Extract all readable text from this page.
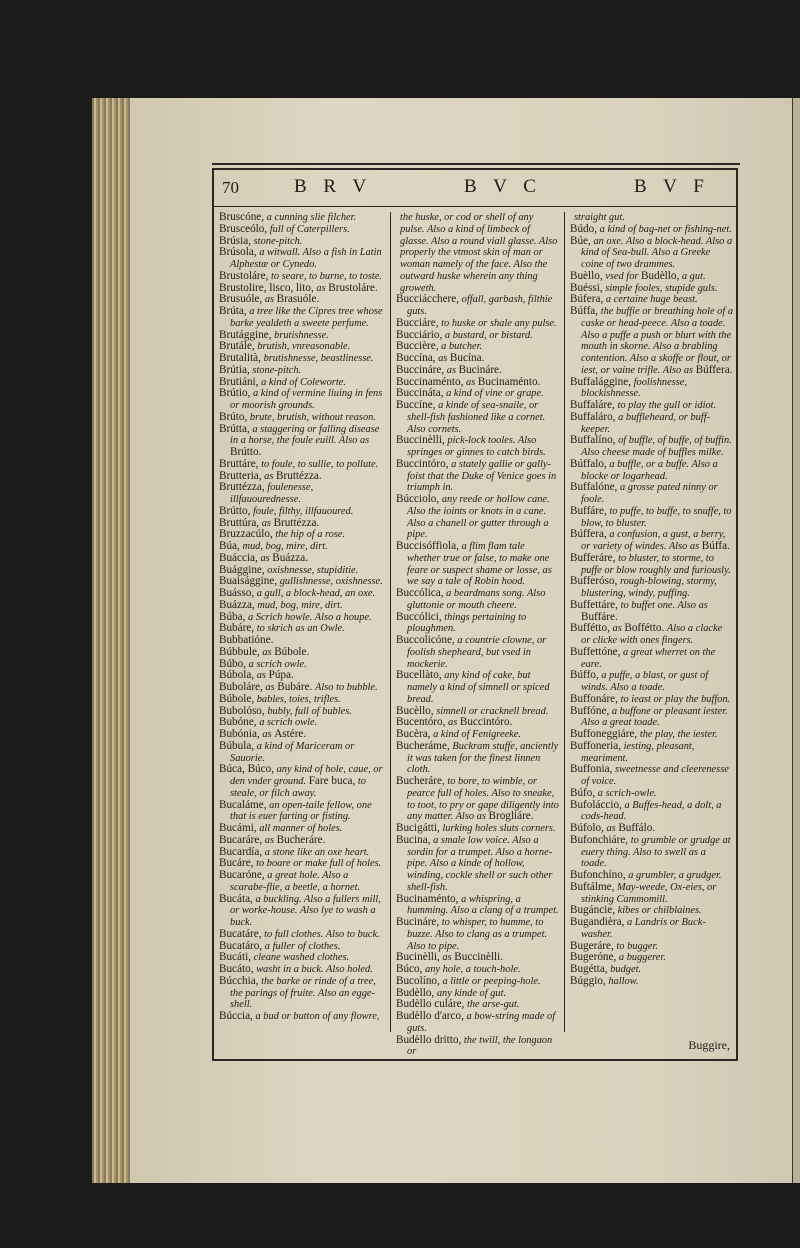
70	B R V	B V C	B V F

Bruscóne, a cunning slie filcher.

Brusceólo, full of Caterpillers.

Brúsia, stone-pitch.

Brúsola, a witwall. Also a fish in Latin Alphestæ or Cynedo.

Brustoláre, to seare, to burne, to toste.

Brustolire, lisco, lito, as Brustoláre.

Brusuóle, as Brasuóle.

Brúta, a tree like the Cipres tree whose barke yealdeth a sweete perfume.

Brutággine, brutishnesse.

Brutále, brutish, vnreasonable.

Brutalità, brutishnesse, beastlinesse.

Brútia, stone-pitch.

Brutiáni, a kind of Coleworte.

Brútio, a kind of vermine liuing in fens or moorish grounds.

Brúto, brute, brutish, without reason.

Brútta, a staggering or falling disease in a horse, the foule euill. Also as Brútto.

Bruttáre, to foule, to sullie, to pollute.

Brutteria, as Bruttézza.

Bruttézza, foulenesse, illfauourednesse.

Brútto, foule, filthy, illfauoured.

Bruttúra, as Bruttézza.

Bruzzacúlo, the hip of a rose.

Búa, mud, bog, mire, dirt.

Buáccia, as Buázza.

Buággine, oxishnesse, stupiditie.

Buaisággine, gullishnesse, oxishnesse.

Buásso, a gull, a block-head, an oxe.

Buázza, mud, bog, mire, dirt.

Búba, a Scrich howle. Also a houpe.

Bubáre, to skrich as an Owle.

Bubbatióne.

Búbbule, as Búbole.

Búbo, a scrich owle.

Búbola, as Púpa.

Buboláre, as Bubáre. Also to bubble.

Búbole, bables, toies, trifles.

Bubolóso, bubly, full of bubles.

Bubóne, a scrich owle.

Bubónia, as Astére.

Búbula, a kind of Mariceram or Sauorie.

Búca, Búco, any kind of hole, caue, or den vnder ground. Fare buca, to steale, or filch away.

Bucaláme, an open-taile fellow, one that is euer farting or fisting.

Bucámi, all manner of holes.

Bucaráre, as Bucheráre.

Bucardía, a stone like an oxe heart.

Bucáre, to boare or make full of holes.

Bucaróne, a great hole. Also a scarabe-flie, a beetle, a hornet.

Bucáta, a buckling. Also a fullers mill, or worke-house. Also lye to wash a buck.

Bucatáre, to full clothes. Also to buck.

Bucatáro, a fuller of clothes.

Bucáti, cleane washed clothes.

Bucáto, washt in a buck. Also holed.

Búcchia, the barke or rinde of a tree, the parings of fruite. Also an egge-shell.

Búccia, a bud or button of any flowre,

the huske, or cod or shell of any pulse. Also a kind of limbeck of glasse. Also a round viall glasse. Also properly the vtmost skin of man or woman namely of the face. Also the outward huske wherein any thing groweth.

Bucciácchere, offall, garbash, filthie guts.

Bucciáre, to huske or shale any pulse.

Bucciário, a bustard, or bistard.

Buccière, a butcher.

Buccína, as Bucína.

Buccináre, as Bucináre.

Buccinaménto, as Bucinaménto.

Buccináta, a kind of vine or grape.

Buccíne, a kinde of sea-snaile, or shell-fish fashioned like a cornet. Also cornets.

Buccinèlli, pick-lock tooles. Also springes or ginnes to catch birds.

Buccintóro, a stately gallie or gally-foist that the Duke of Venice goes in triumph in.

Búcciolo, any reede or hollow cane. Also the ioints or knots in a cane. Also a chanell or gutter through a pipe.

Buccisóffiola, a flim flam tale whether true or false, to make one feare or suspect shame or losse, as we say a tale of Robin hood.

Buccólica, a beardmans song. Also gluttonie or mouth cheere.

Buccólici, things pertaining to ploughmen.

Buccolicóne, a countrie clowne, or foolish shepheard, but vsed in mockerie.

Bucellàto, any kind of cake, but namely a kind of simnell or spiced bread.

Bucèllo, simnell or cracknell bread.

Bucentóro, as Buccintóro.

Bucèra, a kind of Fenigreeke.

Bucheráme, Buckram stuffe, anciently it was taken for the finest linnen cloth.

Bucheráre, to bore, to wimble, or pearce full of holes. Also to sneake, to toot, to pry or gape diligently into any matter. Also as Brogliáre.

Bucigátti, lurking holes sluts corners.

Bucina, a smale low voice. Also a sordin for a trumpet. Also a horne-pipe. Also a kinde of hollow, winding, cockle shell or such other shell-fish.

Bucinaménto, a whispring, a humming. Also a clang of a trumpet.

Bucináre, to whisper, to humme, to buzze. Also to clang as a trumpet. Also to pipe.

Bucinèlli, as Buccinèlli.

Búco, any hole, a touch-hole.

Bucolíno, a little or peeping-hole.

Budèllo, any kinde of gut.

Budèllo culáre, the arse-gut.

Budèllo d'arco, a bow-string made of guts.

Budèllo dritto, the twill, the longaon or

straight gut.

Búdo, a kind of bag-net or fishing-net.

Búe, an oxe. Also a block-head. Also a kind of Sea-bull. Also a Greeke coine of two drammes.

Buèllo, vsed for Budèllo, a gut.

Buéssi, simple fooles, stupide guls.

Búfera, a certaine huge beast.

Búffa, the buffie or breathing hole of a caske or head-peece. Also a toade. Also a puffe a push or blurt with the mouth in skorne. Also a brabling contention. Also a skoffe or flout, or iest, or vaine trifle. Also as Búffera.

Buffalággine, foolishnesse, blockishnesse.

Buffaláre, to play the gull or idiot.

Buffaláro, a buffleheard, or buff-keeper.

Buffalíno, of buffle, of buffe, of buffin. Also cheese made of buffles milke.

Búffalo, a buffle, or a buffe. Also a blocke or logarhead.

Buffalóne, a grosse pated ninny or foole.

Buffáre, to puffe, to buffe, to snuffe, to blow, to bluster.

Búffera, a confusion, a gust, a berry, or variety of windes. Also as Búffa.

Bufferáre, to bluster, to storme, to puffe or blow roughly and furiously.

Bufferóso, rough-blowing, stormy, blustering, windy, puffing.

Buffettáre, to buffet one. Also as Buffáre.

Buffétto, as Boffétto. Also a clacke or clicke with ones fingers.

Buffettóne, a great wherret on the eare.

Búffo, a puffe, a blast, or gust of winds. Also a toade.

Buffonáre, to ieast or play the buffon.

Buffóne, a buffone or pleasant iester. Also a great toade.

Buffoneggiáre, the play, the iester.

Buffoneria, iesting, pleasant, meariment.

Buffonia, sweetnesse and cleerenesse of voice.

Búfo, a scrich-owle.

Bufoláccio, a Buffes-head, a dolt, a cods-head.

Búfolo, as Buffálo.

Bufonchiáre, to grumble or grudge at euery thing. Also to swell as a toade.

Bufonchíno, a grumbler, a grudger.

Buftálme, May-weede, Ox-eies, or stinking Cammomill.

Bugáncie, kibes or chilblaines.

Bugandièra, a Landris or Buck-washer.

Bugeráre, to bugger.

Bugeróne, a buggerer.

Bugétta, budget.

Búggio, hallow.

Buggire,
